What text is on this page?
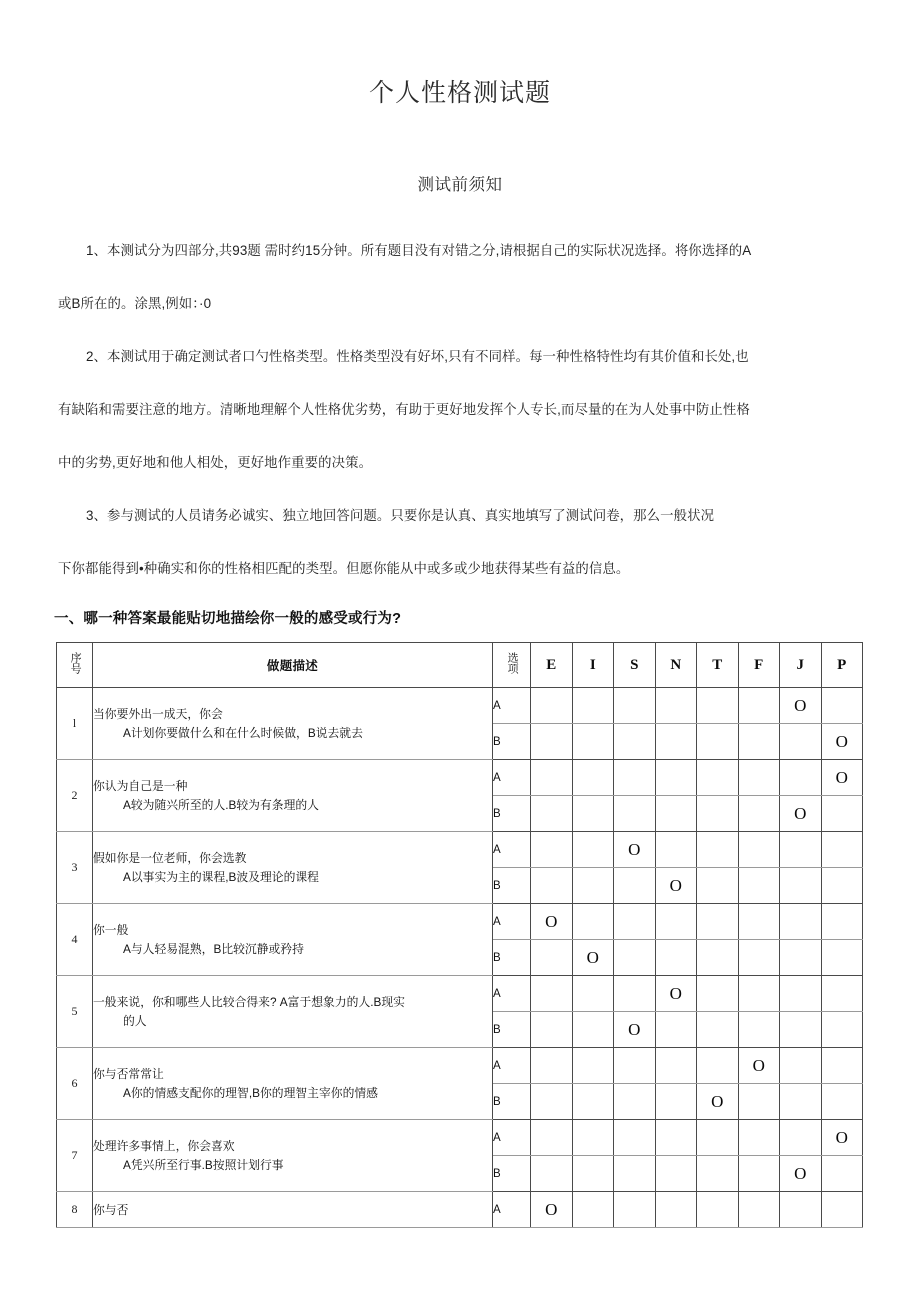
个人性格测试题
测试前须知

1、本测试分为四部分,共93题 需时约15分钟。所有题目没有对错之分,请根据自己的实际状况选择。将你选择的A

或B所在的。涂黑,例如：·0

2、本测试用于确定测试者口勺性格类型。性格类型没有好坏,只有不同样。每一种性格特性均有其价值和长处,也

有缺陷和需要注意的地方。清晰地理解个人性格优劣势，有助于更好地发挥个人专长,而尽量的在为人处事中防止性格

中的劣势,更好地和他人相处，更好地作重要的决策。

3、参与测试的人员请务必诚实、独立地回答问题。只要你是认真、真实地填写了测试问卷，那么一般状况

下你都能得到•种确实和你的性格相匹配的类型。但愿你能从中或多或少地获得某些有益的信息。

一、哪一种答案最能贴切地描绘你一般的感受或行为?
序号	做题描述	选项	E	I	S	N	T	F	J	P
l	当你要外出一成天，你会
A计划你要做什么和在什么时候做，B说去就去	A							O	
		B								O
2	你认为自己是一种
A较为随兴所至的人.B较为有条理的人	A								O
		B							O	
3	假如你是一位老师，你会选教
A以事实为主的课程,B波及理论的课程	A			O					
		B				O				
4	你一般
A与人轻易混熟，B比较沉静或矜持	A	O							
		B		O						
5	一般来说，你和哪些人比较合得来? A富于想象力的人.B现实
的人	A				O				
		B			O					
6	你与否常常让
A你的情感支配你的理智,B你的理智主宰你的情感	A						O		
		B					O			
7	处理许多事情上，你会喜欢
A凭兴所至行事.B按照计划行事	A								O
		B							O	
8	你与否	A	O							
